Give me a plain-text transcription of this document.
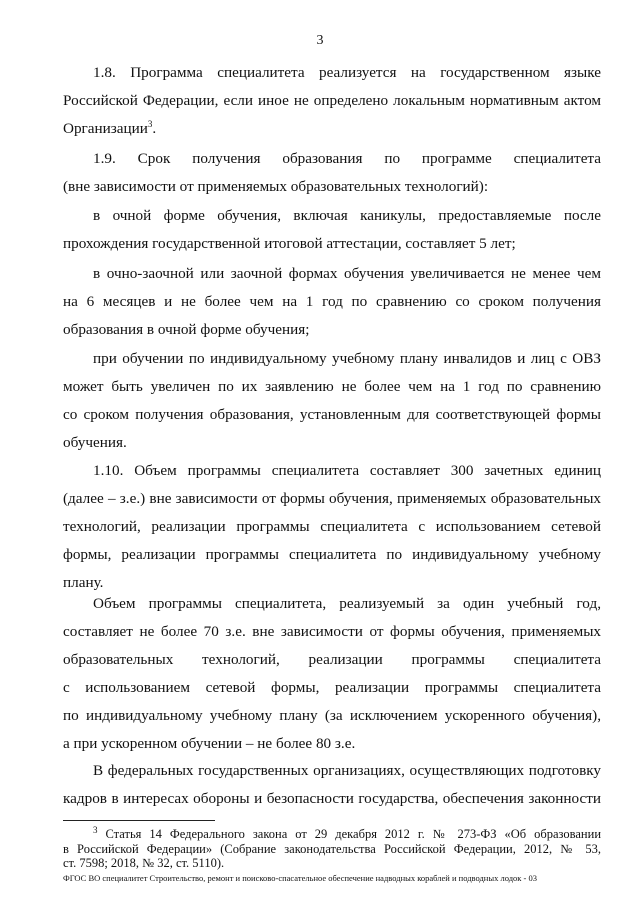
3
1.8. Программа специалитета реализуется на государственном языке
Российской Федерации, если иное не определено локальным нормативным актом
Организации$^3$.
1.9. Срок получения образования по программе специалитета
(вне зависимости от применяемых образовательных технологий):
в очной форме обучения, включая каникулы, предоставляемые после
прохождения государственной итоговой аттестации, составляет 5 лет;
в очно-заочной или заочной формах обучения увеличивается не менее чем
на 6 месяцев и не более чем на 1 год по сравнению со сроком получения
образования в очной форме обучения;
при обучении по индивидуальному учебному плану инвалидов и лиц с ОВЗ
может быть увеличен по их заявлению не более чем на 1 год по сравнению
со сроком получения образования, установленным для соответствующей формы
обучения.
1.10. Объем программы специалитета составляет 300 зачетных единиц
(далее – з.е.) вне зависимости от формы обучения, применяемых образовательных
технологий, реализации программы специалитета с использованием сетевой
формы, реализации программы специалитета по индивидуальному учебному
плану.
Объем программы специалитета, реализуемый за один учебный год,
составляет не более 70 з.е. вне зависимости от формы обучения, применяемых
образовательных технологий, реализации программы специалитета
с использованием сетевой формы, реализации программы специалитета
по индивидуальному учебному плану (за исключением ускоренного обучения),
а при ускоренном обучении – не более 80 з.е.
В федеральных государственных организациях, осуществляющих подготовку
кадров в интересах обороны и безопасности государства, обеспечения законности
$^3$ Статья 14 Федерального закона от 29 декабря 2012 г. № 273-ФЗ «Об образовании
в Российской Федерации» (Собрание законодательства Российской Федерации, 2012, № 53,
ст. 7598; 2018, № 32, ст. 5110).
ФГОС ВО специалитет Строительство, ремонт и поисково-спасательное обеспечение надводных кораблей и подводных лодок - 03
